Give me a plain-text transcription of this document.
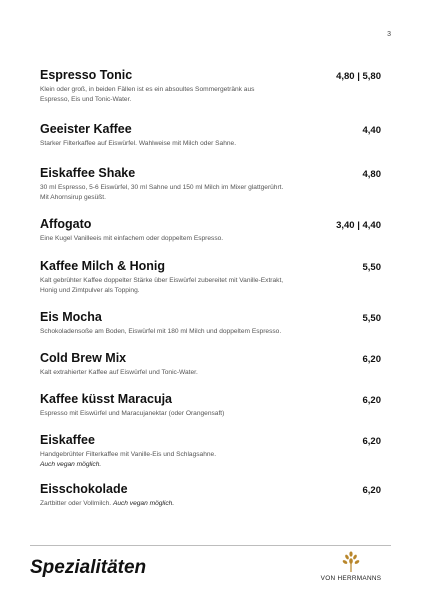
3
Espresso Tonic	4,80 | 5,80
Klein oder groß, in beiden Fällen ist es ein absoultes Sommergetränk aus Espresso, Eis und Tonic-Water.
Geeister Kaffee	4,40
Starker Filterkaffee auf Eiswürfel. Wahlweise mit Milch oder Sahne.
Eiskaffee Shake	4,80
30 ml Espresso, 5-6 Eiswürfel, 30 ml Sahne und 150 ml Milch im Mixer glattgerührt. Mit Ahornsirup gesüßt.
Affogato	3,40 | 4,40
Eine Kugel Vanilleeis mit einfachem oder doppeltem Espresso.
Kaffee Milch & Honig	5,50
Kalt gebrühter Kaffee doppelter Stärke über Eiswürfel zubereitet mit Vanille-Extrakt, Honig und Zimtpulver als Topping.
Eis Mocha	5,50
Schokoladensoße am Boden, Eiswürfel mit 180 ml Milch und doppeltem Espresso.
Cold Brew Mix	6,20
Kalt extrahierter Kaffee auf Eiswürfel und Tonic-Water.
Kaffee küsst Maracuja	6,20
Espresso mit Eiswürfel und Maracujanektar (oder Orangensaft)
Eiskaffee	6,20
Handgebrühter Filterkaffee mit Vanille-Eis und Schlagsahne.
Auch vegan möglich.
Eisschokolade	6,20
Zartbitter oder Vollmilch. Auch vegan möglich.
Spezialitäten
VON HERRMANNS
